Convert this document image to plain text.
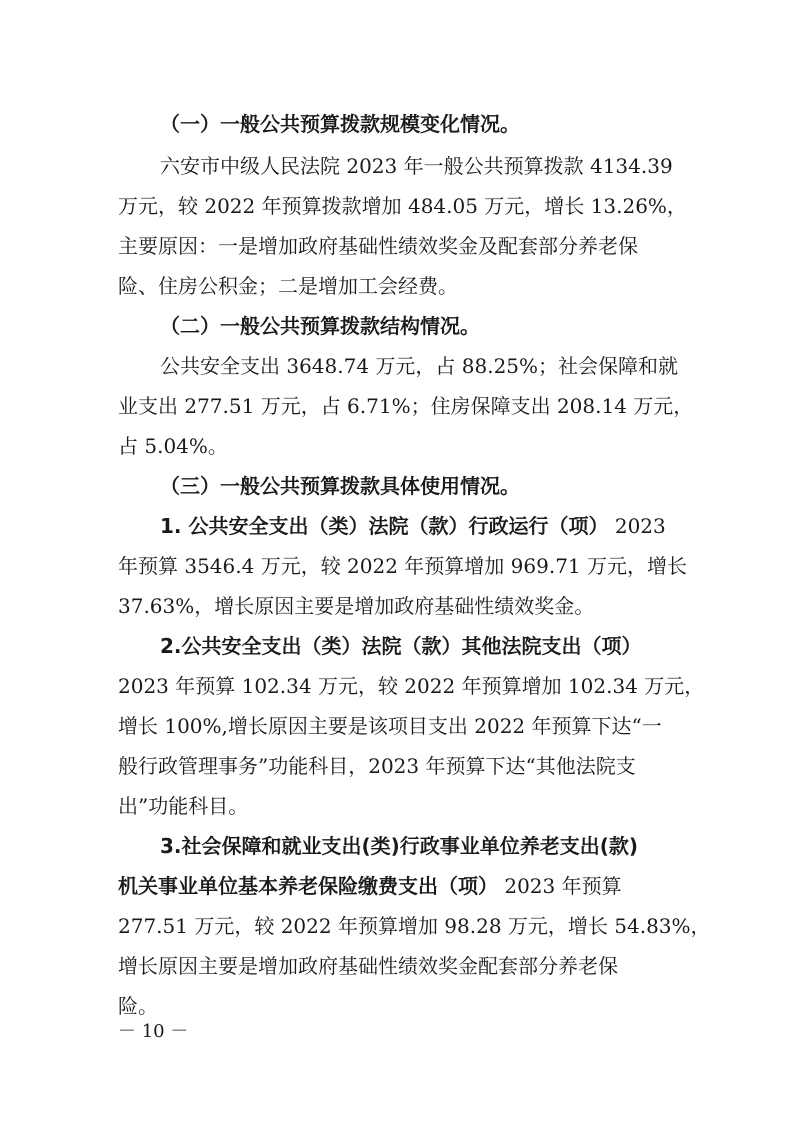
（一）一般公共预算拨款规模变化情况。
六安市中级人民法院 2023 年一般公共预算拨款 4134.39
万元，较 2022 年预算拨款增加 484.05 万元，增长 13.26%，
主要原因：一是增加政府基础性绩效奖金及配套部分养老保
险、住房公积金；二是增加工会经费。
（二）一般公共预算拨款结构情况。
公共安全支出 3648.74 万元，占 88.25%；社会保障和就
业支出 277.51 万元，占 6.71%；住房保障支出 208.14 万元，
占 5.04%。
（三）一般公共预算拨款具体使用情况。
1. 公共安全支出（类）法院（款）行政运行（项） 2023
年预算 3546.4 万元，较 2022 年预算增加 969.71 万元，增长
37.63%，增长原因主要是增加政府基础性绩效奖金。
2.公共安全支出（类）法院（款）其他法院支出（项）
2023 年预算 102.34 万元，较 2022 年预算增加 102.34 万元，
增长 100%,增长原因主要是该项目支出 2022 年预算下达“一
般行政管理事务”功能科目，2023 年预算下达“其他法院支
出”功能科目。
3.社会保障和就业支出(类)行政事业单位养老支出(款)
机关事业单位基本养老保险缴费支出（项） 2023 年预算
277.51 万元，较 2022 年预算增加 98.28 万元，增长 54.83%，
增长原因主要是增加政府基础性绩效奖金配套部分养老保
险。
－ 10 －
